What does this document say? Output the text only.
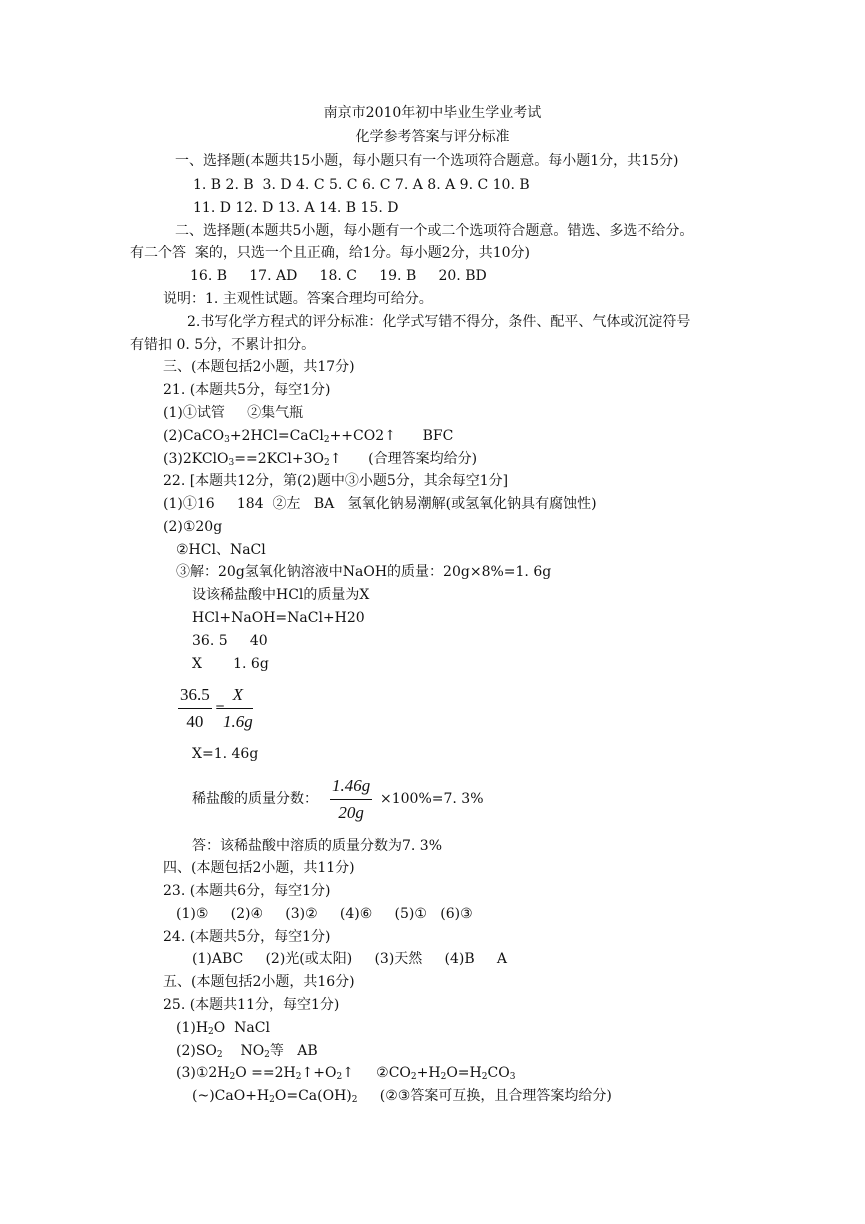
南京市2010年初中毕业生学业考试
化学参考答案与评分标准
一、选择题(本题共15小题，每小题只有一个选项符合题意。每小题1分，共15分)
1. B 2. B  3. D 4. C 5. C 6. C 7. A 8. A 9. C 10. B
11. D 12. D 13. A 14. B 15. D
二、选择题(本题共5小题，每小题有一个或二个选项符合题意。错选、多选不给分。
有二个答  案的，只选一个且正确，给1分。每小题2分，共10分)
16. B     17. AD     18. C     19. B     20. BD
说明：1. 主观性试题。答案合理均可给分。
2.书写化学方程式的评分标准：化学式写错不得分，条件、配平、气体或沉淀符号
有错扣 0. 5分，不累计扣分。
三、(本题包括2小题，共17分)
21. (本题共5分，每空1分)
(1)①试管     ②集气瓶
(2)CaCO$_3$+2HCl=CaCl$_2$++CO2↑      BFC
$(3)2KClO_3==2KCl+3O_2↑$      (合理答案均给分)
22. [本题共12分，第(2)题中③小题5分，其余每空1分]
(1)①16     184  ②左   BA   氢氧化钠易潮解(或氢氧化钠具有腐蚀性)
(2)①20g
②HCl、NaCl
③解：20g氢氧化钠溶液中NaOH的质量：20g×8%=1. 6g
设该稀盐酸中HCl的质量为X
HCl+NaOH=NaCl+H20
36. 5     40
X       1. 6g
$\frac{36.5}{40}$ =
$\frac{X}{1.6g}$
X=1. 46g
稀盐酸的质量分数： $\frac{1.46g}{20g} \times 100\%=7$. 3%
答：该稀盐酸中溶质的质量分数为7. 3%
四、(本题包括2小题，共11分)
23. (本题共6分，每空1分)
(1)⑤     (2)④     (3)②     (4)⑥     (5)①   (6)③
24. (本题共5分，每空1分)
(1)ABC     (2)光(或太阳)     (3)天然     (4)B     A
五、(本题包括2小题，共16分)
25. (本题共11分，每空1分)
$(1)H_2O$  NaCl
$(2)SO_2$    $NO_2$等   AB
$(3)①2H_2O$ $==2H_2↑+O_2↑$     $②CO_2+H_2O=H_2CO_3$
$(\sim)CaO+H_2O=Ca(OH)_2$     (②③答案可互换，且合理答案均给分)
